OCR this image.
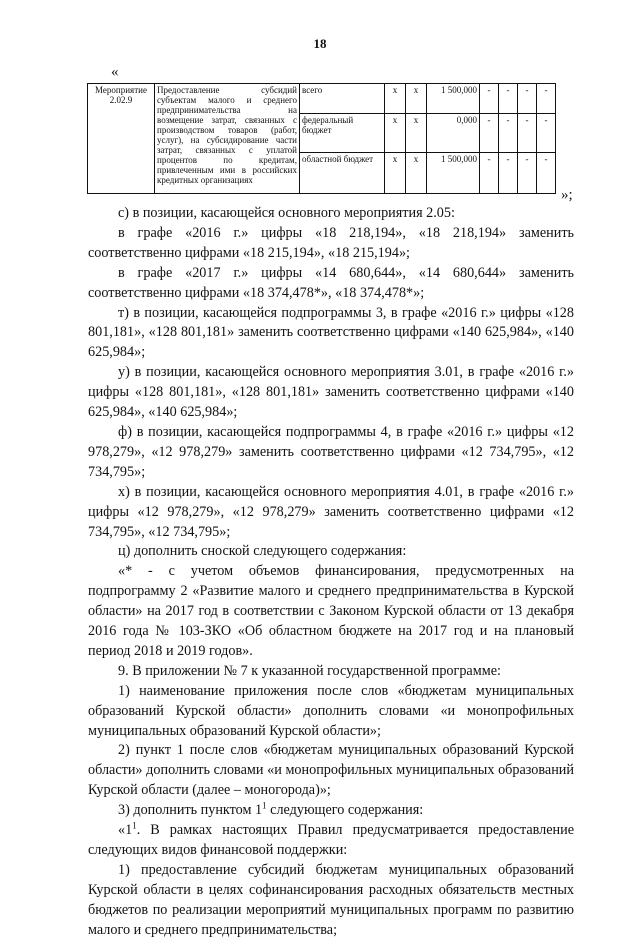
18
«
Мероприятие 2.02.9	Предоставление субсидий субъектам малого и среднего предпринимательства на возмещение затрат, связанных с производством товаров (работ, услуг), на субсидирование части затрат, связанных с уплатой процентов по кредитам, привлеченным ими в российских кредитных организациях	всего	х	х	1 500,000	-	-	-	-
		федеральный бюджет	х	х	0,000	-	-	-	-
		областной бюджет	х	х	1 500,000	-	-	-	-
»;

с) в позиции, касающейся основного мероприятия 2.05:

в графе «2016 г.» цифры «18 218,194», «18 218,194» заменить соответственно цифрами «18 215,194», «18 215,194»;

в графе «2017 г.» цифры «14 680,644», «14 680,644» заменить соответственно цифрами «18 374,478*», «18 374,478*»;

т) в позиции, касающейся подпрограммы 3, в графе «2016 г.» цифры «128 801,181», «128 801,181» заменить соответственно цифрами «140 625,984», «140 625,984»;

у) в позиции, касающейся основного мероприятия 3.01, в графе «2016 г.» цифры «128 801,181», «128 801,181» заменить соответственно цифрами «140 625,984», «140 625,984»;

ф) в позиции, касающейся подпрограммы 4, в графе «2016 г.» цифры «12 978,279», «12 978,279» заменить соответственно цифрами «12 734,795», «12 734,795»;

х) в позиции, касающейся основного мероприятия 4.01, в графе «2016 г.» цифры «12 978,279», «12 978,279» заменить соответственно цифрами «12 734,795», «12 734,795»;

ц) дополнить сноской следующего содержания:

«* - с учетом объемов финансирования, предусмотренных на подпрограмму 2 «Развитие малого и среднего предпринимательства в Курской области» на 2017 год в соответствии с Законом Курской области от 13 декабря 2016 года № 103-ЗКО «Об областном бюджете на 2017 год и на плановый период 2018 и 2019 годов».

9. В приложении № 7 к указанной государственной программе:

1) наименование приложения после слов «бюджетам муниципальных образований Курской области» дополнить словами «и монопрофильных муниципальных образований Курской области»;

2) пункт 1 после слов «бюджетам муниципальных образований Курской области» дополнить словами «и монопрофильных муниципальных образований Курской области (далее – моногорода)»;

3) дополнить пунктом $1^1$ следующего содержания:

«$1^1$. В рамках настоящих Правил предусматривается предоставление следующих видов финансовой поддержки:

1) предоставление субсидий бюджетам муниципальных образований Курской области в целях софинансирования расходных обязательств местных бюджетов по реализации мероприятий муниципальных программ по развитию малого и среднего предпринимательства;
